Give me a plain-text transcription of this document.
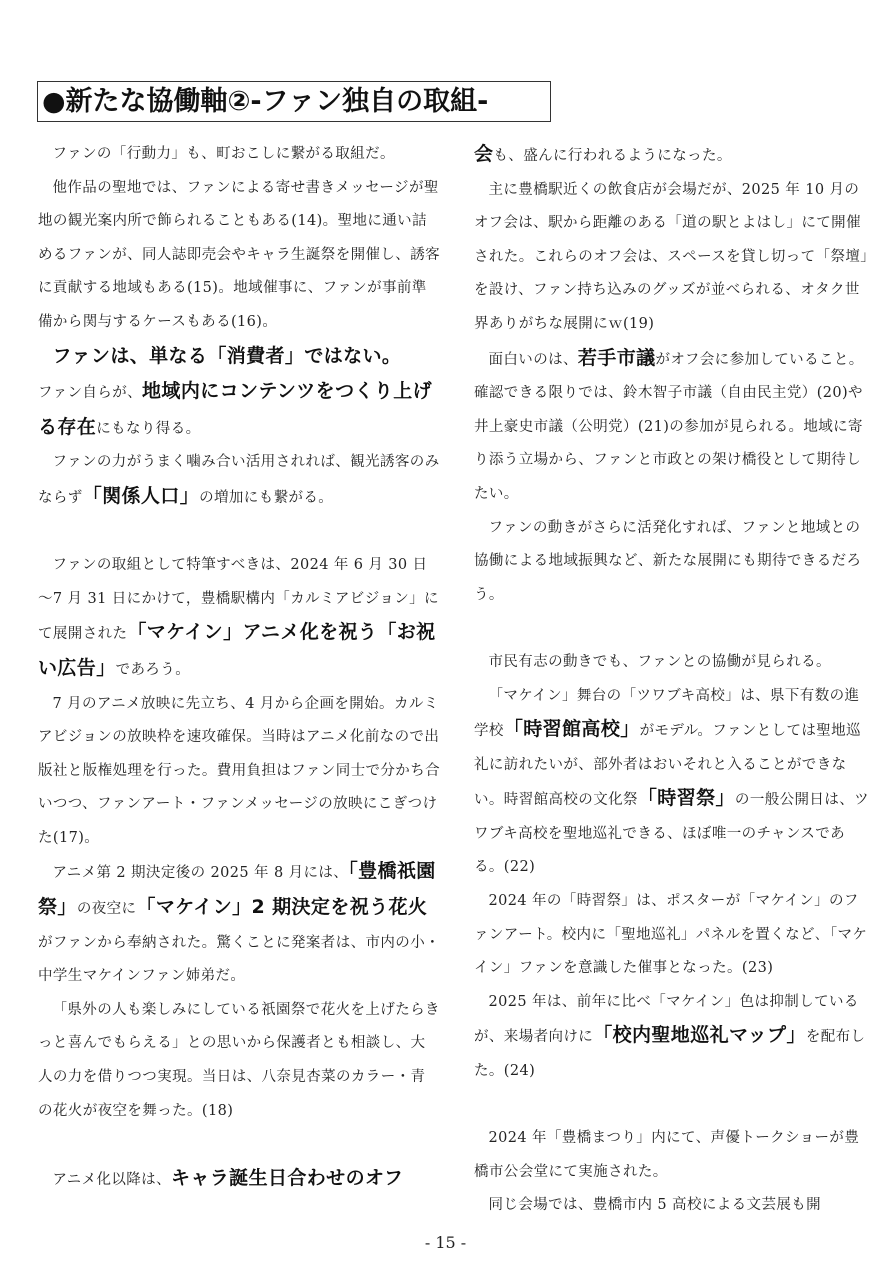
●新たな協働軸②-ファン独自の取組-

ファンの「行動力」も、町おこしに繋がる取組だ。

他作品の聖地では、ファンによる寄せ書きメッセージが聖地の観光案内所で飾られることもある(14)。聖地に通い詰めるファンが、同人誌即売会やキャラ生誕祭を開催し、誘客に貢献する地域もある(15)。地域催事に、ファンが事前準備から関与するケースもある(16)。

ファンは、単なる「消費者」ではない。

ファン自らが、地域内にコンテンツをつくり上げる存在にもなり得る。

ファンの力がうまく噛み合い活用されれば、観光誘客のみならず「関係人口」の増加にも繋がる。

ファンの取組として特筆すべきは、2024 年 6 月 30 日～7 月 31 日にかけて，豊橋駅構内「カルミアビジョン」にて展開された「マケイン」アニメ化を祝う「お祝い広告」であろう。

7 月のアニメ放映に先立ち、4 月から企画を開始。カルミアビジョンの放映枠を速攻確保。当時はアニメ化前なので出版社と版権処理を行った。費用負担はファン同士で分かち合いつつ、ファンアート・ファンメッセージの放映にこぎつけた(17)。

アニメ第 2 期決定後の 2025 年 8 月には、「豊橋祇園祭」の夜空に「マケイン」2 期決定を祝う花火がファンから奉納された。驚くことに発案者は、市内の小・中学生マケインファン姉弟だ。

「県外の人も楽しみにしている祇園祭で花火を上げたらきっと喜んでもらえる」との思いから保護者とも相談し、大人の力を借りつつ実現。当日は、八奈見杏菜のカラー・青の花火が夜空を舞った。(18)

アニメ化以降は、キャラ誕生日合わせのオフ

会も、盛んに行われるようになった。

主に豊橋駅近くの飲食店が会場だが、2025 年 10 月のオフ会は、駅から距離のある「道の駅とよはし」にて開催された。これらのオフ会は、スペースを貸し切って「祭壇」を設け、ファン持ち込みのグッズが並べられる、オタク世界ありがちな展開にｗ(19)

面白いのは、若手市議がオフ会に参加していること。確認できる限りでは、鈴木智子市議（自由民主党）(20)や井上豪史市議（公明党）(21)の参加が見られる。地域に寄り添う立場から、ファンと市政との架け橋役として期待したい。

ファンの動きがさらに活発化すれば、ファンと地域との協働による地域振興など、新たな展開にも期待できるだろう。

市民有志の動きでも、ファンとの協働が見られる。

「マケイン」舞台の「ツワブキ高校」は、県下有数の進学校「時習館高校」がモデル。ファンとしては聖地巡礼に訪れたいが、部外者はおいそれと入ることができない。時習館高校の文化祭「時習祭」の一般公開日は、ツワブキ高校を聖地巡礼できる、ほぼ唯一のチャンスである。(22)

2024 年の「時習祭」は、ポスターが「マケイン」のファンアート。校内に「聖地巡礼」パネルを置くなど､「マケイン」ファンを意識した催事となった。(23)

2025 年は、前年に比べ「マケイン」色は抑制しているが、来場者向けに「校内聖地巡礼マップ」を配布した。(24)

2024 年「豊橋まつり」内にて、声優トークショーが豊橋市公会堂にて実施された。

同じ会場では、豊橋市内 5 高校による文芸展も開

- 15 -
